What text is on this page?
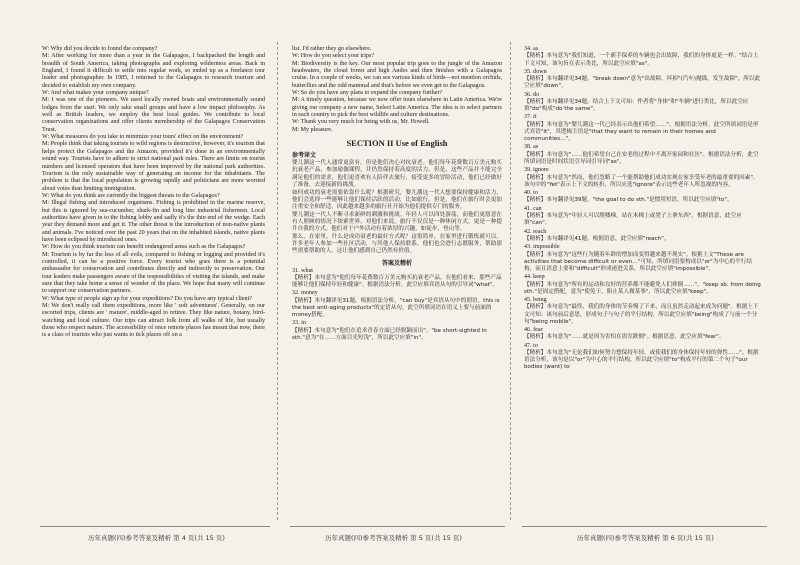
W: Why did you decide to found the company?

M: After working for more than a year in the Galapagos, I backpacked the length and breadth of South America, taking photographs and exploring wilderness areas. Back in England, I found it difficult to settle into regular work, so ended up as a freelance tour leader and photographer. In 1985, I returned to the Galapagos to research tourism and decided to establish my own company.

W: And what makes your company unique?

M: I was one of the pioneers. We used locally owned boats and environmentally sound lodges from the start. We only take small groups and have a low impact philosophy. As well as British leaders, we employ the best local guides. We contribute to local conservation organizations and offer clients membership of the Galapagos Conservation Trust.

W: What measures do you take to minimize your tours' effect on the environment?

M: People think that taking tourists to wild regions is destructive, however, it's tourism that helps protect the Galapagos and the Amazon, provided it's done in an environmentally sound way. Tourists have to adhere to strict national park rules. There are limits on tourist numbers and licensed operators that have been improved by the national park authorities. Tourism is the only sustainable way of generating an income for the inhabitants. The problem is that the local population is growing rapidly and politicians are more worried about votes than limiting immigration.

W: What do you think are currently the biggest threats to the Galapagos?

M: Illegal fishing and introduced organisms. Fishing is prohibited in the marine reserve, but this is ignored by sea-cucumber, shark-fin and long line industrial fishermen. Local authorities have given in to the fishing lobby and sadly it's the thin end of the wedge. Each year they demand more and get it. The other threat is the introduction of non-native plants and animals. I've noticed over the past 20 years that on the inhabited islands, native plants have been eclipsed by introduced ones.

W: How do you think tourism can benefit endangered areas such as the Galapagos?

M: Tourism is by far the less of all evils, compared to fishing or logging and provided it's controlled, it can be a positive force. Every tourist who goes there is a potential ambassador for conservation and contributes directly and indirectly to preservation. Our tour leaders make passengers aware of the responsibilities of visiting the islands, and make sure that they take home a sense of wonder of the place. We hope that many will continue to support our conservation partners.

W: What type of people sign up for your expeditions? Do you have any typical client?

M: We don't really call them expeditions, more like ' soft adventures'. Generally, on our escorted trips, clients are ' mature', middle-aged to retiree. They like nature, botany, bird-watching and local culture. Our trips can attract folk from all walks of life, but usually those who respect nature. The accessibility of once remote places has meant that now, there is a class of tourists who just wants to tick places off on a

list. I'd rather they go elsewhere.

W: How do you select your trips?

M: Biodiversity is the key. Our most popular trip goes to the jungle of the Amazon headwaters, the cloud forest and high Andes and then finishes with a Galapagos cruise. In a couple of weeks, we can see various kinds of birds—not mention orchids, butterflies and the odd mammal and that's before we even get to the Galapagos.

W: So do you have any plans to expand the company further?

M: A timely question, because we now offer tours elsewhere in Latin America. We're giving our company a new name, Select Latin America. The idea is to select partners in each country to pick the best wildlife and culture destinations.

W: Thank you very much for being with us, Mr. Howell.

M: My pleasure.

SECTION II Use of English
参考译文

婴儿潮这一代人通常更富有，但是他们决心对抗衰老。他们每年花费数百万美元购买抗衰老产品，参加瑜伽课程，并仍然保持着高度的活力。但是，这些产品并不能完全满足他们的需求。他们更喜欢有人陪伴去旅行，接受更多的冒险活动，他们已经做好了准备，去迎接新的挑战。

如何成功的衰老需要依靠什么呢？根据研究，婴儿潮这一代人想要保持健康和活力，他们会选择一些能够让他们保持活跃的活动，比如旅行。但是，他们在旅行时会更加注重安全和舒适，因此越来越多的旅行社开始为他们提供专门的服务。

婴儿潮这一代人不断寻求新鲜的刺激和挑战。年轻人可以四处游荡，而他们更愿意在有人照顾的情况下探索世界。对他们来说，旅行不仅仅是一种休闲方式，更是一种提升自我的方式。他们对于户外活动有着浓厚的兴趣，如徒步、登山等。

那么，在家里，什么是成功衰老的最好方式呢？这很简单，在家里进行锻炼就可以。许多老年人参加一些社区活动，与其他人保持联系。他们也会进行志愿服务，帮助那些需要帮助的人，这让他们感到自己仍然有价值。

答案及精析
31. what
【精析】本句意为"他们每年花费数百万美元购买抗衰老产品，在他们看来，那些产品能够让他们保持年轻和健康"。根据语法分析，此空应填宾语从句的引导词"what"。
32. money
【精析】本句翻译见31题。根据语法分析，"can buy"是宾语从句中的谓语，this is the best anti-aging products"的定语从句，此空所填词语在语义上要与前面的money搭配。
33. in
【精析】本句意为"他们在追求青春方面已经脱颖而出"。"be short-sighted in sth."意为"在……方面目光短浅"，所以此空应填"in"。
34. as
【精析】本句意为"我们知道，一个新手保养的车辆也会出故障，我们的身体更是一样。"结合上下文可知，该句旨在表示类比，所以此空应填"as"。
35. down
【精析】本句翻译见34题。"break down"意为"出故障，坏掉"(汽车)抛锚，发生故障"，所以此空应填"down"。
36. do
【精析】本句翻译见34题。结合上下文可知：作者将"身体"和"车辆"进行类比，所以此空应填"do"构成"do the same"。
37. it
【精析】本句意为"婴儿潮这一代已经表示出他们希望……"。根据语法分析，此空所填词语是形式宾语"it"，其逻辑主语是"that they want to remain in their homes and communities…"。
38. as
【精析】本句意为"……他们希望自己在安老的过程中不离开家园和社区"。根据语法分析，此空所填词语是时间状语引导词引导词"as"。
39. ignore
【精析】本句意为"然而，他们忽略了一个能帮助他们成功实现在家享受年老的最重要的因素"。该句中的"Yet"表示上下文的转折，所以应选"ignore"表示这些老年人所忽视的内容。
40. to
【精析】本句翻译见39题。"the goal to do sth."是惯用短语，所以此空应填"to"。
41. can
【精析】本句意为"年轻人可以爬楼梯，站在木梯上或凳子上拿东西"。根据语意，此空应填"can"。
42. reach
【精析】本句翻译见41题。根据语意，此空应填"reach"。
43. impossible
【精析】本句意为"这些行为随着年龄的增加而变得越来越不现实"。根据上文"These are activities that become difficult or even…"可知，所填词语要构成以"or"为中心的平行结构，而且语意上要和"difficult"形成递进关系，所以此空应填"impossible"。
44. keep
【精析】本句意为"所有的运动和良好的营养都不能避免人们摔倒……"。"keep sb. from doing sth."是固定搭配，意为"使免于，阻止某人做某事"，所以此空应填"keep"。
45. being
【精析】本句意为"最终，我们的身体的节奏慢了下来，而且虽然走动起来成为问题"。根据上下文可知：该句前后意思，形成句子与句子的平行结构，所以此空应填"being"构成了与前一个分句"being mobile"。
46. fear
【精析】本句意为"……就是因为害怕在浴室跌倒"。根据语意，此空应填"fear"。
47. to
【精析】本句意为"无论我们如何努力想保持年轻，或使我们的身体保持年轻的弹性……"。根据语法分析，该句是以"or"为中心的平行结构，所以此空应填"to"构成平行的第二个句子"our bodies (want) to
历年真题(四)参考答案及精析 第 4 页(共 15 页)	历年真题(四)参考答案及精析 第 5 页(共 15 页)	历年真题(四)参考答案及精析 第 6 页(共 15 页)
